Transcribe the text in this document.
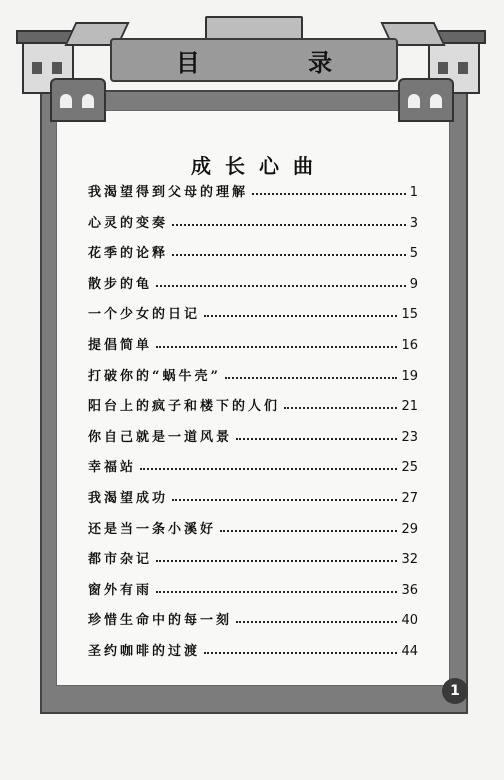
目 录
成长心曲
我渴望得到父母的理解	1
心灵的变奏	3
花季的论释	5
散步的龟	9
一个少女的日记	15
提倡简单	16
打破你的“蜗牛壳”	19
阳台上的疯子和楼下的人们	21
你自己就是一道风景	23
幸福站	25
我渴望成功	27
还是当一条小溪好	29
都市杂记	32
窗外有雨	36
珍惜生命中的每一刻	40
圣约咖啡的过渡	44
1
